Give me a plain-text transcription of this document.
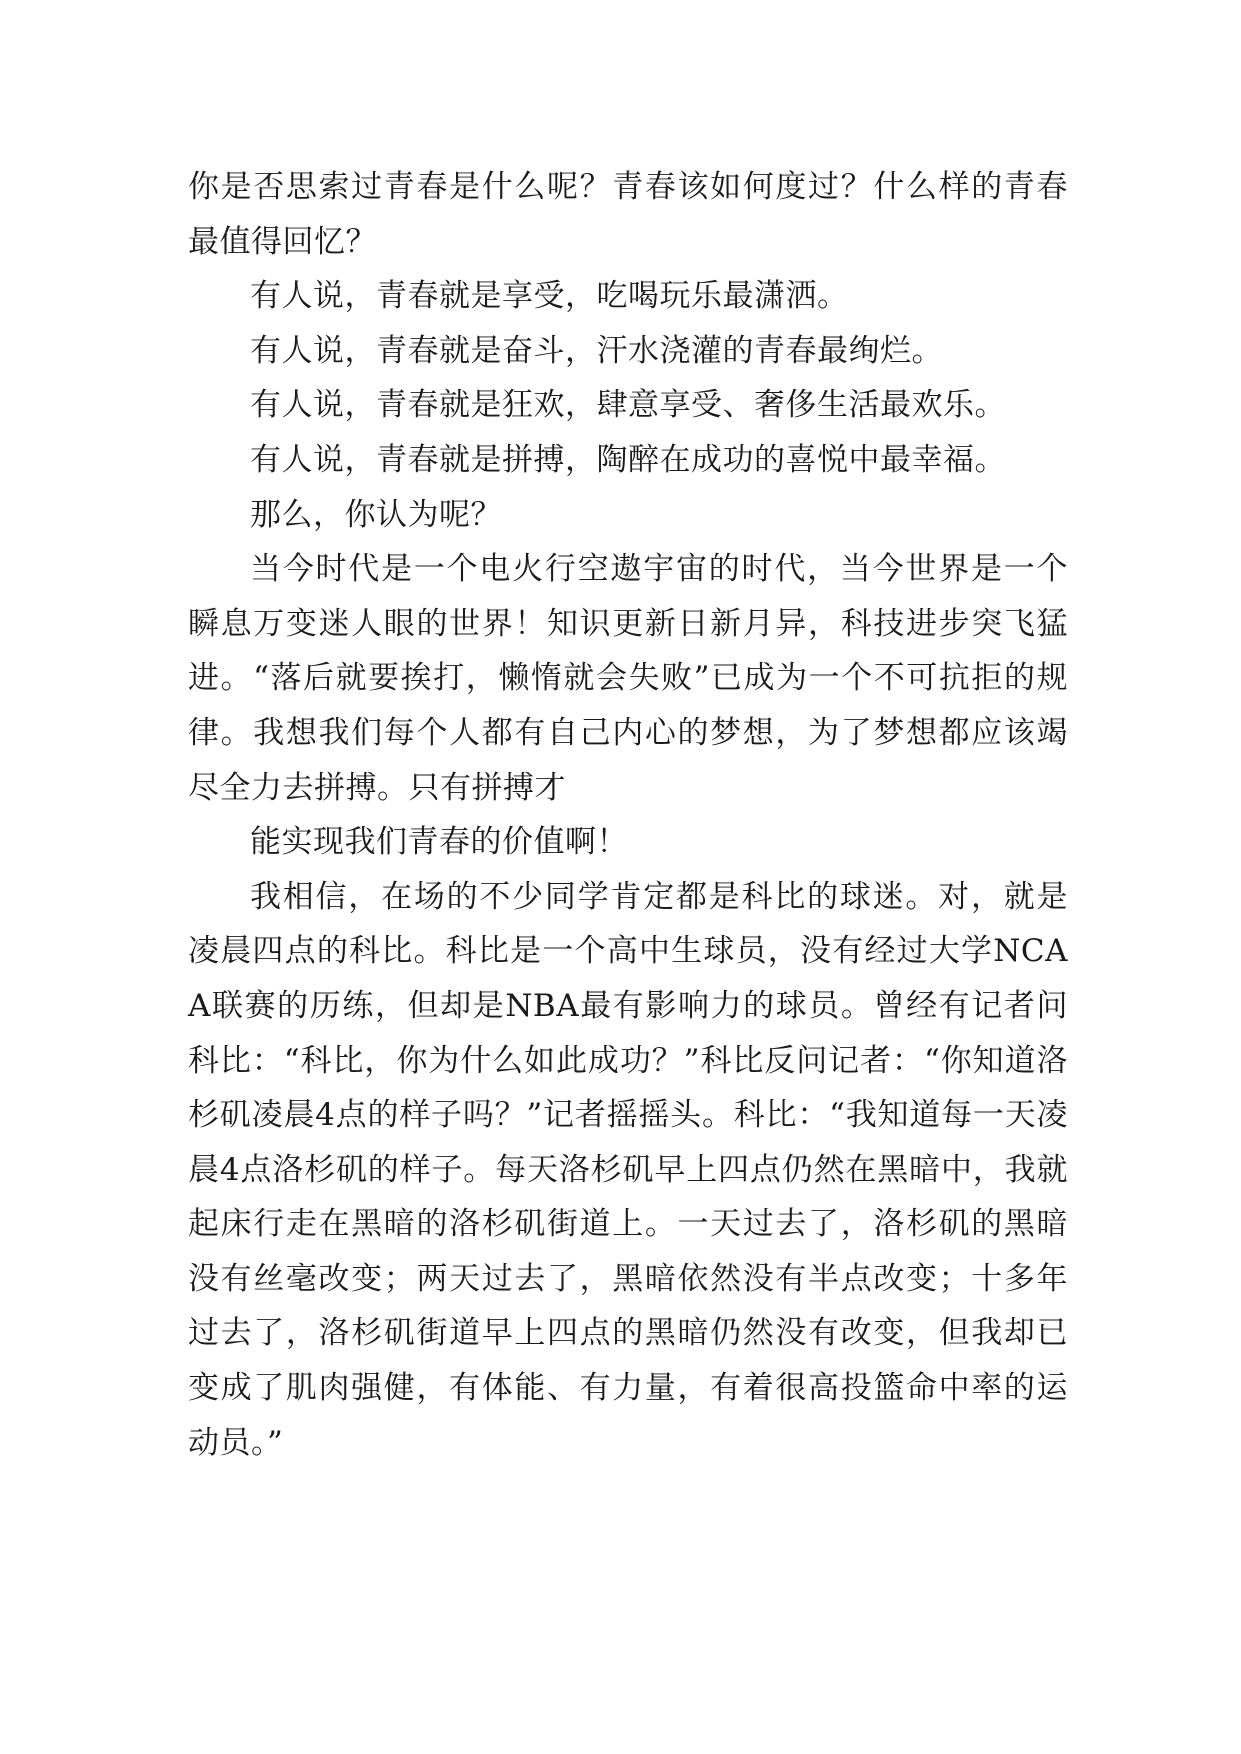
你是否思索过青春是什么呢？青春该如何度过？什么样的青春最值得回忆？

有人说，青春就是享受，吃喝玩乐最潇洒。

有人说，青春就是奋斗，汗水浇灌的青春最绚烂。

有人说，青春就是狂欢，肆意享受、奢侈生活最欢乐。

有人说，青春就是拼搏，陶醉在成功的喜悦中最幸福。

那么，你认为呢？

当今时代是一个电火行空遨宇宙的时代，当今世界是一个瞬息万变迷人眼的世界！知识更新日新月异，科技进步突飞猛进。“落后就要挨打，懒惰就会失败”已成为一个不可抗拒的规律。我想我们每个人都有自己内心的梦想，为了梦想都应该竭尽全力去拼搏。只有拼搏才

能实现我们青春的价值啊！

我相信，在场的不少同学肯定都是科比的球迷。对，就是凌晨四点的科比。科比是一个高中生球员，没有经过大学NCAA联赛的历练，但却是NBA最有影响力的球员。曾经有记者问科比：“科比，你为什么如此成功？”科比反问记者：“你知道洛杉矶凌晨4点的样子吗？”记者摇摇头。科比：“我知道每一天凌晨4点洛杉矶的样子。每天洛杉矶早上四点仍然在黑暗中，我就起床行走在黑暗的洛杉矶街道上。一天过去了，洛杉矶的黑暗没有丝毫改变；两天过去了，黑暗依然没有半点改变；十多年过去了，洛杉矶街道早上四点的黑暗仍然没有改变，但我却已变成了肌肉强健，有体能、有力量，有着很高投篮命中率的运动员。”
